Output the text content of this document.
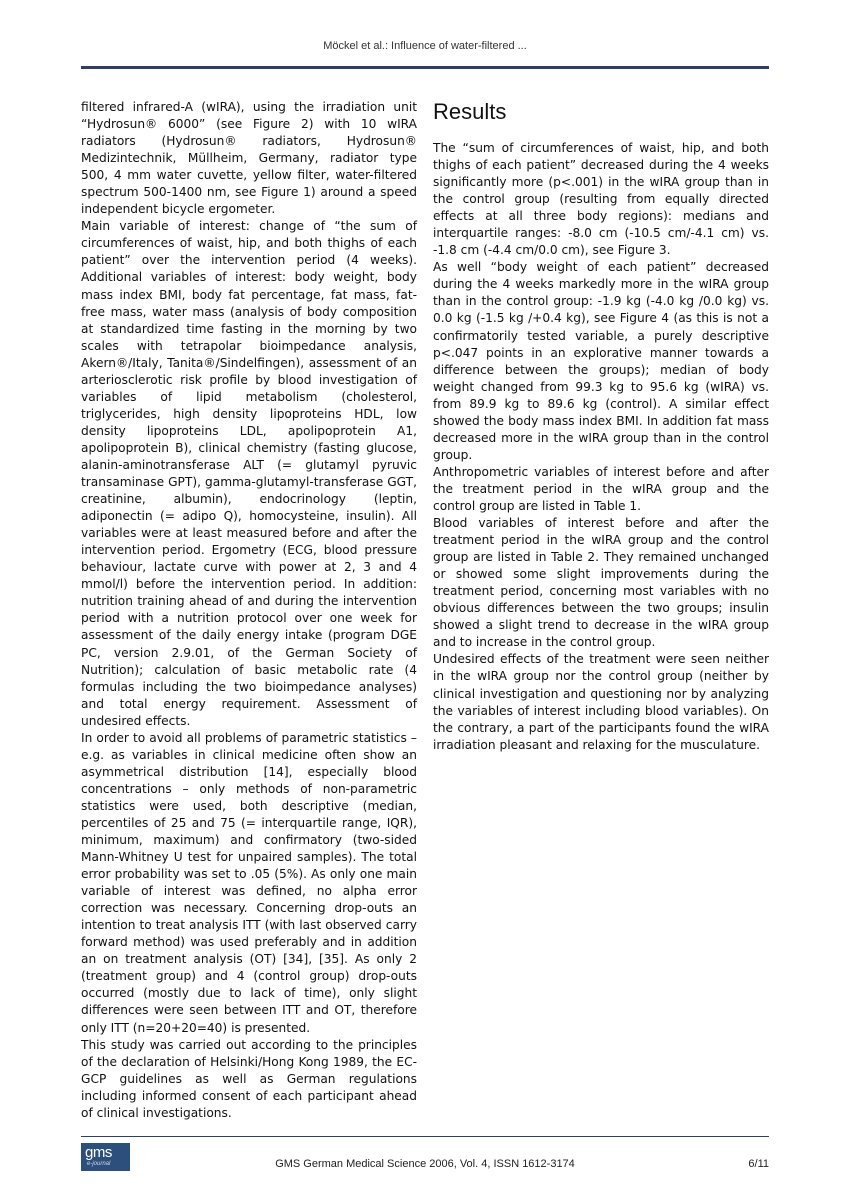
Möckel et al.: Influence of water-filtered ...

filtered infrared-A (wIRA), using the irradiation unit “Hydrosun® 6000” (see Figure 2) with 10 wIRA radiators (Hydrosun® radiators, Hydrosun® Medizintechnik, Müllheim, Germany, radiator type 500, 4 mm water cuvette, yellow filter, water-filtered spectrum 500-1400 nm, see Figure 1) around a speed independent bicycle ergometer.

Main variable of interest: change of “the sum of circumferences of waist, hip, and both thighs of each patient” over the intervention period (4 weeks). Additional variables of interest: body weight, body mass index BMI, body fat percentage, fat mass, fat-free mass, water mass (analysis of body composition at standardized time fasting in the morning by two scales with tetrapolar bioimpedance analysis, Akern®/Italy, Tanita®/Sindelfingen), assessment of an arteriosclerotic risk profile by blood investigation of variables of lipid metabolism (cholesterol, triglycerides, high density lipoproteins HDL, low density lipoproteins LDL, apolipoprotein A1, apolipoprotein B), clinical chemistry (fasting glucose, alanin-aminotransferase ALT (= glutamyl pyruvic transaminase GPT), gamma-glutamyl-transferase GGT, creatinine, albumin), endocrinology (leptin, adiponectin (= adipo Q), homocysteine, insulin). All variables were at least measured before and after the intervention period. Ergometry (ECG, blood pressure behaviour, lactate curve with power at 2, 3 and 4 mmol/l) before the intervention period. In addition: nutrition training ahead of and during the intervention period with a nutrition protocol over one week for assessment of the daily energy intake (program DGE PC, version 2.9.01, of the German Society of Nutrition); calculation of basic metabolic rate (4 formulas including the two bioimpedance analyses) and total energy requirement. Assessment of undesired effects.

In order to avoid all problems of parametric statistics – e.g. as variables in clinical medicine often show an asymmetrical distribution [14], especially blood concentrations – only methods of non-parametric statistics were used, both descriptive (median, percentiles of 25 and 75 (= interquartile range, IQR), minimum, maximum) and confirmatory (two-sided Mann-Whitney U test for unpaired samples). The total error probability was set to .05 (5%). As only one main variable of interest was defined, no alpha error correction was necessary. Concerning drop-outs an intention to treat analysis ITT (with last observed carry forward method) was used preferably and in addition an on treatment analysis (OT) [34], [35]. As only 2 (treatment group) and 4 (control group) drop-outs occurred (mostly due to lack of time), only slight differences were seen between ITT and OT, therefore only ITT (n=20+20=40) is presented.

This study was carried out according to the principles of the declaration of Helsinki/Hong Kong 1989, the EC-GCP guidelines as well as German regulations including informed consent of each participant ahead of clinical investigations.

Results

The “sum of circumferences of waist, hip, and both thighs of each patient” decreased during the 4 weeks significantly more (p<.001) in the wIRA group than in the control group (resulting from equally directed effects at all three body regions): medians and interquartile ranges: -8.0 cm (-10.5 cm/-4.1 cm) vs. -1.8 cm (-4.4 cm/0.0 cm), see Figure 3.

As well “body weight of each patient” decreased during the 4 weeks markedly more in the wIRA group than in the control group: -1.9 kg (-4.0 kg /0.0 kg) vs. 0.0 kg (-1.5 kg /+0.4 kg), see Figure 4 (as this is not a confirmatorily tested variable, a purely descriptive p<.047 points in an explorative manner towards a difference between the groups); median of body weight changed from 99.3 kg to 95.6 kg (wIRA) vs. from 89.9 kg to 89.6 kg (control). A similar effect showed the body mass index BMI. In addition fat mass decreased more in the wIRA group than in the control group.

Anthropometric variables of interest before and after the treatment period in the wIRA group and the control group are listed in Table 1.

Blood variables of interest before and after the treatment period in the wIRA group and the control group are listed in Table 2. They remained unchanged or showed some slight improvements during the treatment period, concerning most variables with no obvious differences between the two groups; insulin showed a slight trend to decrease in the wIRA group and to increase in the control group.

Undesired effects of the treatment were seen neither in the wIRA group nor the control group (neither by clinical investigation and questioning nor by analyzing the variables of interest including blood variables). On the contrary, a part of the participants found the wIRA irradiation pleasant and relaxing for the musculature.

gms
e-journal	GMS German Medical Science 2006, Vol. 4, ISSN 1612-3174	6/11
